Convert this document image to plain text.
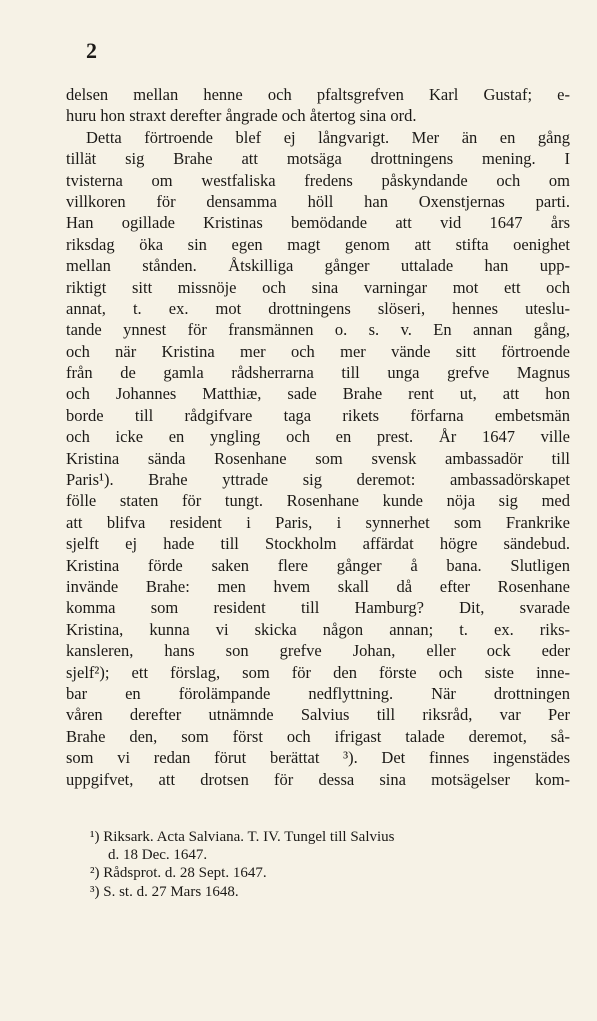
2
delsen mellan henne och pfaltsgrefven Karl Gustaf; e-
huru hon straxt derefter ångrade och återtog sina ord.
Detta förtroende blef ej långvarigt. Mer än en gång
tillät sig Brahe att motsäga drottningens mening. I
tvisterna om westfaliska fredens påskyndande och om
villkoren för densamma höll han Oxenstjernas parti.
Han ogillade Kristinas bemödande att vid 1647 års
riksdag öka sin egen magt genom att stifta oenighet
mellan stånden. Åtskilliga gånger uttalade han upp-
riktigt sitt missnöje och sina varningar mot ett och
annat, t. ex. mot drottningens slöseri, hennes uteslu-
tande ynnest för fransmännen o. s. v. En annan gång,
och när Kristina mer och mer vände sitt förtroende
från de gamla rådsherrarna till unga grefve Magnus
och Johannes Matthiæ, sade Brahe rent ut, att hon
borde till rådgifvare taga rikets förfarna embetsmän
och icke en yngling och en prest. År 1647 ville
Kristina sända Rosenhane som svensk ambassadör till
Paris¹). Brahe yttrade sig deremot: ambassadörskapet
fölle staten för tungt. Rosenhane kunde nöja sig med
att blifva resident i Paris, i synnerhet som Frankrike
sjelft ej hade till Stockholm affärdat högre sändebud.
Kristina förde saken flere gånger å bana. Slutligen
invände Brahe: men hvem skall då efter Rosenhane
komma som resident till Hamburg? Dit, svarade
Kristina, kunna vi skicka någon annan; t. ex. riks-
kansleren, hans son grefve Johan, eller ock eder
sjelf²); ett förslag, som för den förste och siste inne-
bar en förolämpande nedflyttning. När drottningen
våren derefter utnämnde Salvius till riksråd, var Per
Brahe den, som först och ifrigast talade deremot, så-
som vi redan förut berättat ³). Det finnes ingenstädes
uppgifvet, att drotsen för dessa sina motsägelser kom-
¹) Riksark. Acta Salviana. T. IV. Tungel till Salvius
d. 18 Dec. 1647.
²) Rådsprot. d. 28 Sept. 1647.
³) S. st. d. 27 Mars 1648.
